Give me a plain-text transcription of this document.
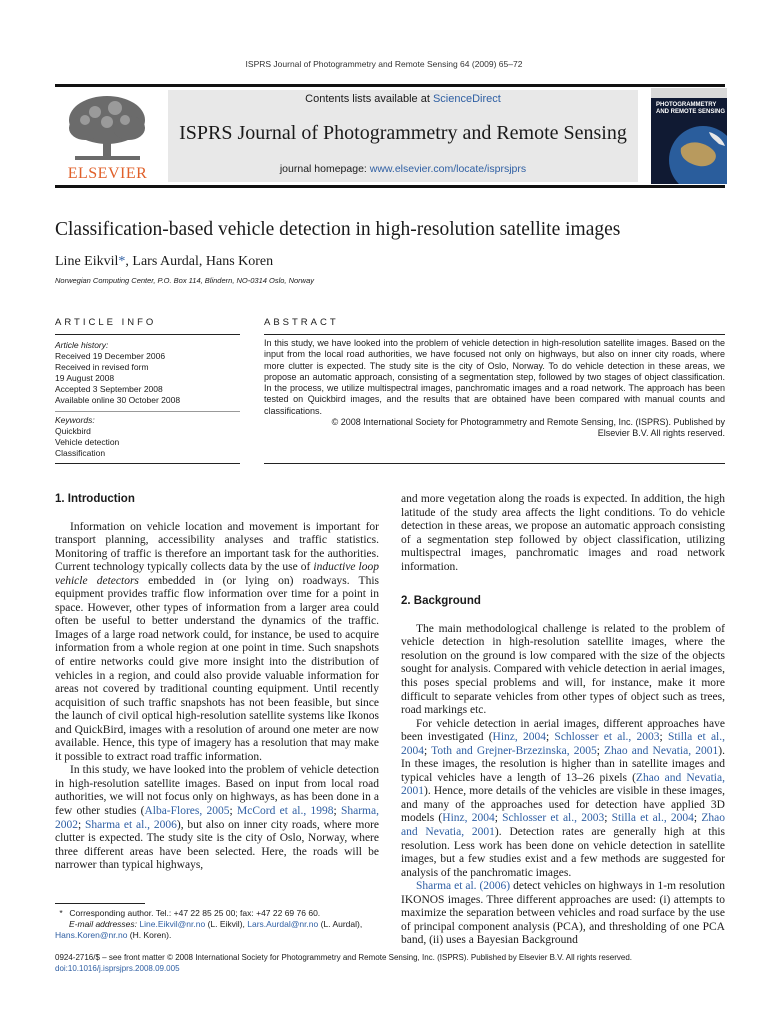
ISPRS Journal of Photogrammetry and Remote Sensing 64 (2009) 65–72
ELSEVIER
Contents lists available at ScienceDirect
ISPRS Journal of Photogrammetry and Remote Sensing
journal homepage: www.elsevier.com/locate/isprsjprs
PHOTOGRAMMETRY
AND REMOTE SENSING
Classification-based vehicle detection in high-resolution satellite images
Line Eikvil*, Lars Aurdal, Hans Koren
Norwegian Computing Center, P.O. Box 114, Blindern, NO-0314 Oslo, Norway
ARTICLE INFO
Article history:
Received 19 December 2006
Received in revised form
19 August 2008
Accepted 3 September 2008
Available online 30 October 2008
Keywords:
Quickbird
Vehicle detection
Classification
ABSTRACT
In this study, we have looked into the problem of vehicle detection in high-resolution satellite images. Based on the input from the local road authorities, we have focused not only on highways, but also on inner city roads, where more clutter is expected. The study site is the city of Oslo, Norway. To do vehicle detection in these areas, we propose an automatic approach, consisting of a segmentation step, followed by two stages of object classification. In the process, we utilize multispectral images, panchromatic images and a road network. The approach has been tested on Quickbird images, and the results that are obtained have been compared with manual counts and classifications.
© 2008 International Society for Photogrammetry and Remote Sensing, Inc. (ISPRS). Published by
Elsevier B.V. All rights reserved.
1. Introduction

Information on vehicle location and movement is important for transport planning, accessibility analyses and traffic statistics. Monitoring of traffic is therefore an important task for the authorities. Current technology typically collects data by the use of inductive loop vehicle detectors embedded in (or lying on) roadways. This equipment provides traffic flow information over time for a point in space. However, other types of information from a larger area could often be useful to better understand the dynamics of the traffic. Images of a large road network could, for instance, be used to acquire information from a whole region at one point in time. Such snapshots of entire networks could give more insight into the distribution of vehicles in a region, and could also provide valuable information for areas not covered by traditional counting equipment. Until recently acquisition of such traffic snapshots has not been feasible, but since the launch of civil optical high-resolution satellite systems like Ikonos and QuickBird, images with a resolution of around one meter are now available. Hence, this type of imagery has a resolution that may make it possible to extract road traffic information.

In this study, we have looked into the problem of vehicle detection in high-resolution satellite images. Based on input from local road authorities, we will not focus only on highways, as has been done in a few other studies (Alba-Flores, 2005; McCord et al., 1998; Sharma, 2002; Sharma et al., 2006), but also on inner city roads, where more clutter is expected. The study site is the city of Oslo, Norway, where three different areas have been selected. Here, the roads will be narrower than typical highways,

and more vegetation along the roads is expected. In addition, the high latitude of the study area affects the light conditions. To do vehicle detection in these areas, we propose an automatic approach consisting of a segmentation step followed by object classification, utilizing multispectral images, panchromatic images and road network information.

2. Background

The main methodological challenge is related to the problem of vehicle detection in high-resolution satellite images, where the resolution on the ground is low compared with the size of the objects sought for analysis. Compared with vehicle detection in aerial images, this poses special problems and will, for instance, make it more difficult to separate vehicles from other types of object such as trees, road markings etc.

For vehicle detection in aerial images, different approaches have been investigated (Hinz, 2004; Schlosser et al., 2003; Stilla et al., 2004; Toth and Grejner-Brzezinska, 2005; Zhao and Nevatia, 2001). In these images, the resolution is higher than in satellite images and typical vehicles have a length of 13–26 pixels (Zhao and Nevatia, 2001). Hence, more details of the vehicles are visible in these images, and many of the approaches used for detection have applied 3D models (Hinz, 2004; Schlosser et al., 2003; Stilla et al., 2004; Zhao and Nevatia, 2001). Detection rates are generally high at this resolution. Less work has been done on vehicle detection in satellite images, but a few studies exist and a few methods are suggested for analysis of the panchromatic images.

Sharma et al. (2006) detect vehicles on highways in 1-m resolution IKONOS images. Three different approaches are used: (i) attempts to maximize the separation between vehicles and road surface by the use of principal component analysis (PCA), and thresholding of one PCA band, (ii) uses a Bayesian Background

* Corresponding author. Tel.: +47 22 85 25 00; fax: +47 22 69 76 60.
E-mail addresses: Line.Eikvil@nr.no (L. Eikvil), Lars.Aurdal@nr.no (L. Aurdal),
Hans.Koren@nr.no (H. Koren).
0924-2716/$ – see front matter © 2008 International Society for Photogrammetry and Remote Sensing, Inc. (ISPRS). Published by Elsevier B.V. All rights reserved.
doi:10.1016/j.isprsjprs.2008.09.005
